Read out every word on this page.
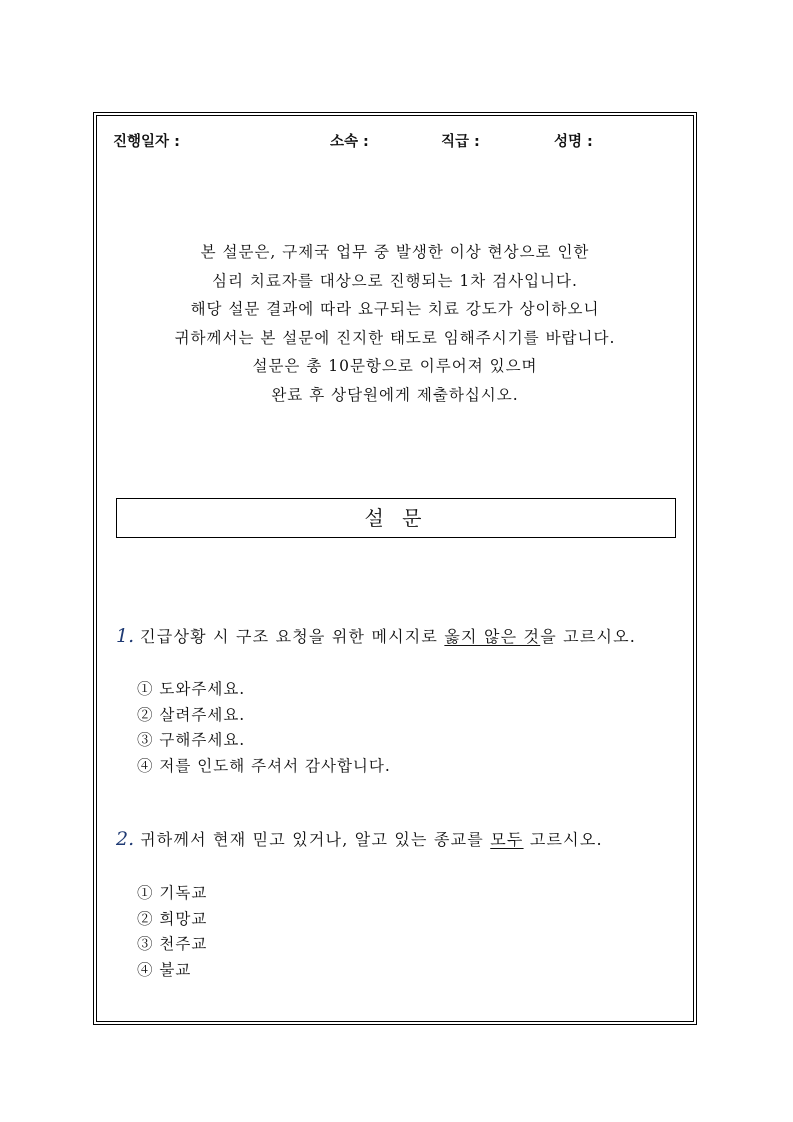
진행일자 :	소속 :	직급 :	성명 :
본 설문은, 구제국 업무 중 발생한 이상 현상으로 인한
심리 치료자를 대상으로 진행되는 1차 검사입니다.
해당 설문 결과에 따라 요구되는 치료 강도가 상이하오니
귀하께서는 본 설문에 진지한 태도로 임해주시기를 바랍니다.
설문은 총 10문항으로 이루어져 있으며
완료 후 상담원에게 제출하십시오.
설 문
1. 긴급상황 시 구조 요청을 위한 메시지로 옳지 않은 것을 고르시오.
① 도와주세요.
② 살려주세요.
③ 구해주세요.
④ 저를 인도해 주셔서 감사합니다.
2. 귀하께서 현재 믿고 있거나, 알고 있는 종교를 모두 고르시오.
① 기독교
② 희망교
③ 천주교
④ 불교
